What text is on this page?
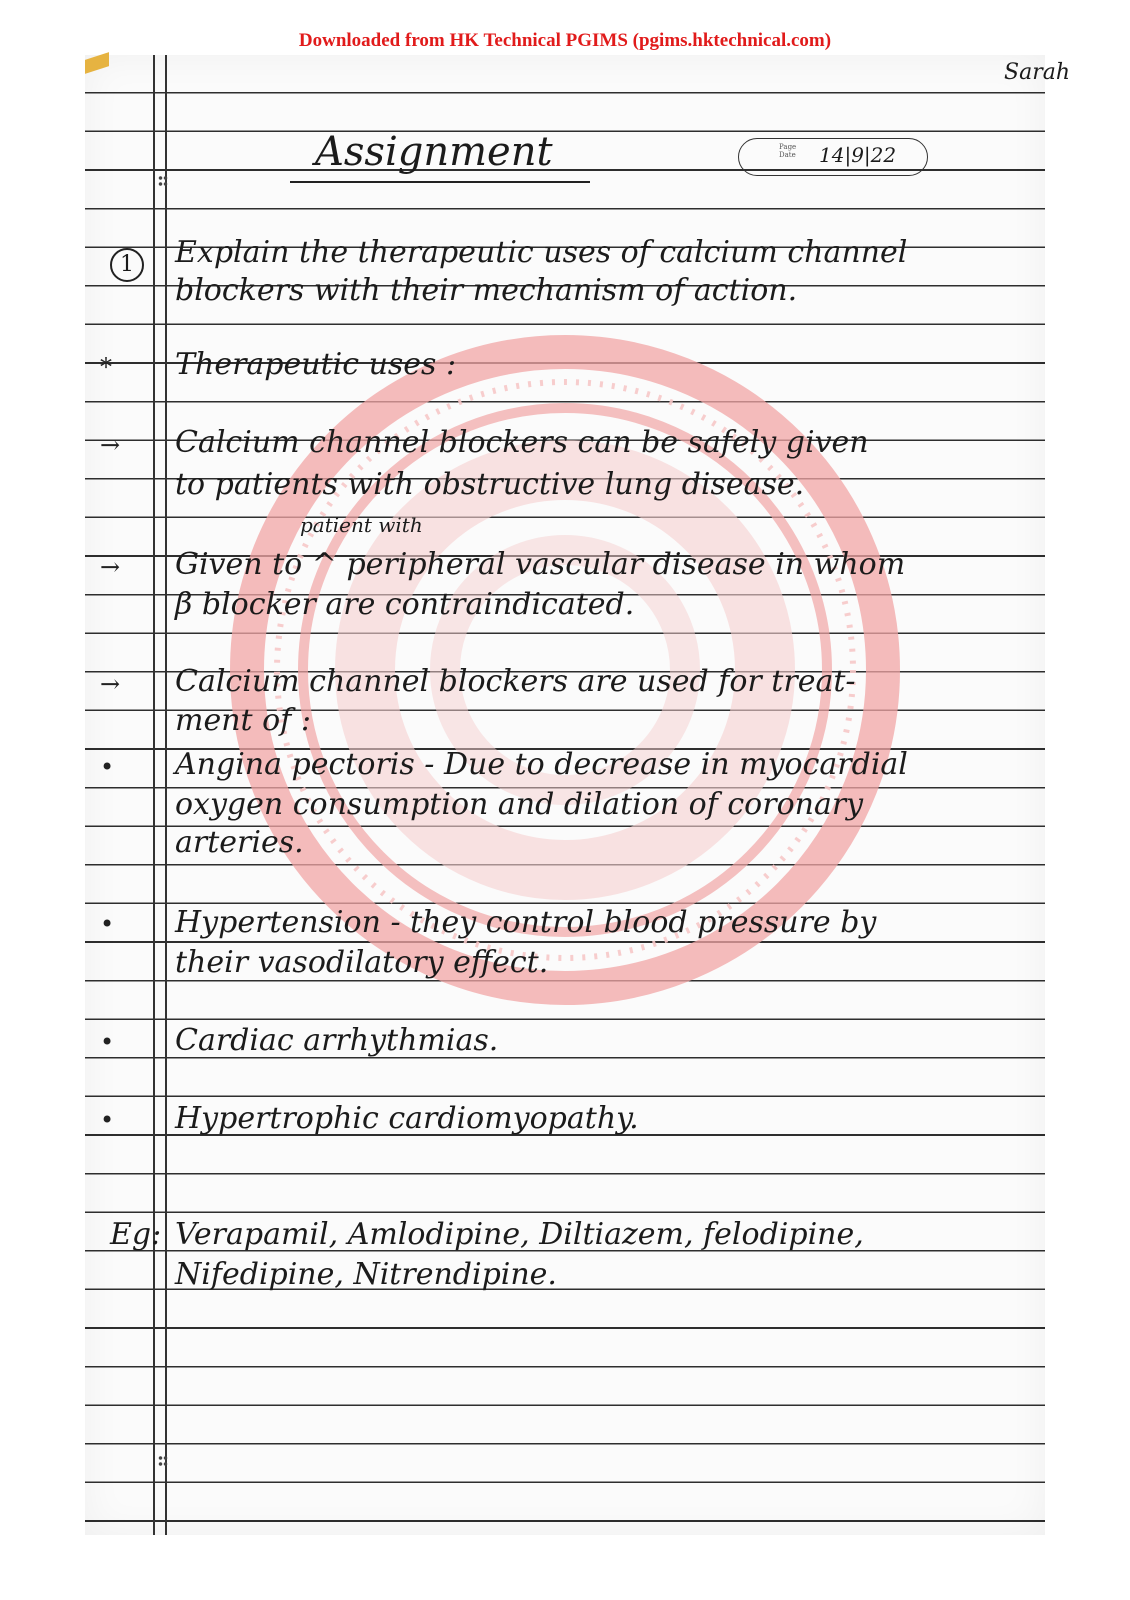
Downloaded from HK Technical PGIMS (pgims.hktechnical.com)
Sarah
Assignment	Page
Date 14|9|22
1	Explain the therapeutic uses of calcium channel
blockers with their mechanism of action.
* Therapeutic uses :
→ Calcium channel blockers can be safely given
to patients with obstructive lung disease.
patient with
→ Given to ^ peripheral vascular disease in whom
β blocker are contraindicated.
→ Calcium channel blockers are used for treat-
ment of :
• Angina pectoris - Due to decrease in myocardial
oxygen consumption and dilation of coronary
arteries.
• Hypertension - they control blood pressure by
their vasodilatory effect.
• Cardiac arrhythmias.
• Hypertrophic cardiomyopathy.
Eg: Verapamil, Amlodipine, Diltiazem, felodipine,
Nifedipine, Nitrendipine.
